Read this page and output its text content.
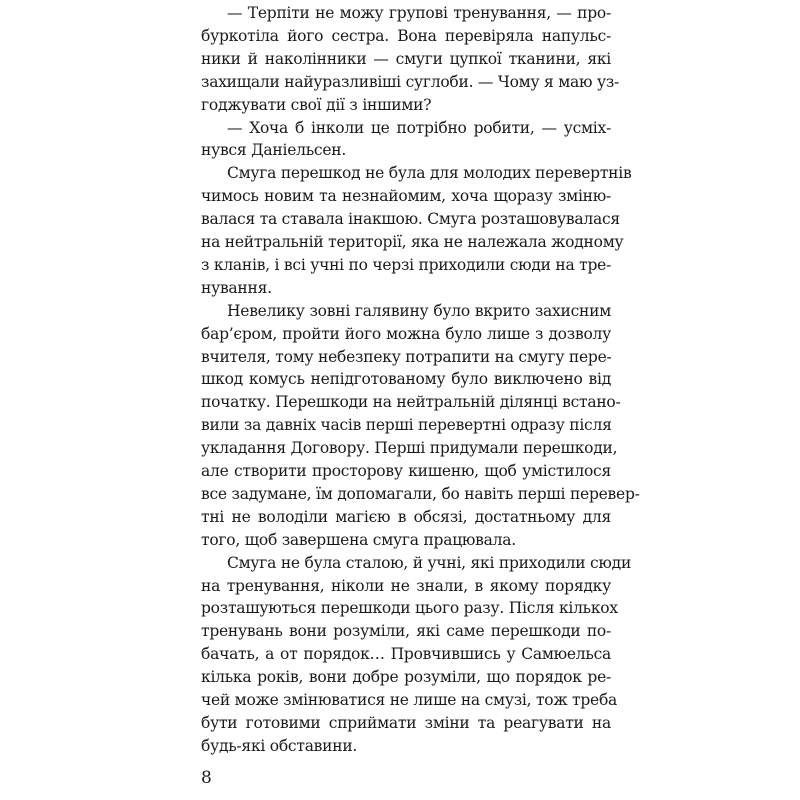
— Терпіти не можу групові тренування, — про-
буркотіла його сестра. Вона перевіряла напульс-
ники й наколінники — смуги цупкої тканини, які
захищали найуразливіші суглоби. — Чому я маю уз-
годжувати свої дії з іншими?
— Хоча б інколи це потрібно робити, — усміх-
нувся Даніельсен.
Смуга перешкод не була для молодих перевертнів
чимось новим та незнайомим, хоча щоразу зміню-
валася та ставала інакшою. Смуга розташовувалася
на нейтральній території, яка не належала жодному
з кланів, і всі учні по черзі приходили сюди на тре-
нування.
Невелику зовні галявину було вкрито захисним
бар’єром, пройти його можна було лише з дозволу
вчителя, тому небезпеку потрапити на смугу пере-
шкод комусь непідготованому було виключено від
початку. Перешкоди на нейтральній ділянці встано-
вили за давніх часів перші перевертні одразу після
укладання Договору. Перші придумали перешкоди,
але створити просторову кишеню, щоб умістилося
все задумане, їм допомагали, бо навіть перші перевер-
тні не володіли магією в обсязі, достатньому для
того, щоб завершена смуга працювала.
Смуга не була сталою, й учні, які приходили сюди
на тренування, ніколи не знали, в якому порядку
розташуються перешкоди цього разу. Після кількох
тренувань вони розуміли, які саме перешкоди по-
бачать, а от порядок… Провчившись у Самюельса
кілька років, вони добре розуміли, що порядок ре-
чей може змінюватися не лише на смузі, тож треба
бути готовими сприймати зміни та реагувати на
будь-які обставини.
8
